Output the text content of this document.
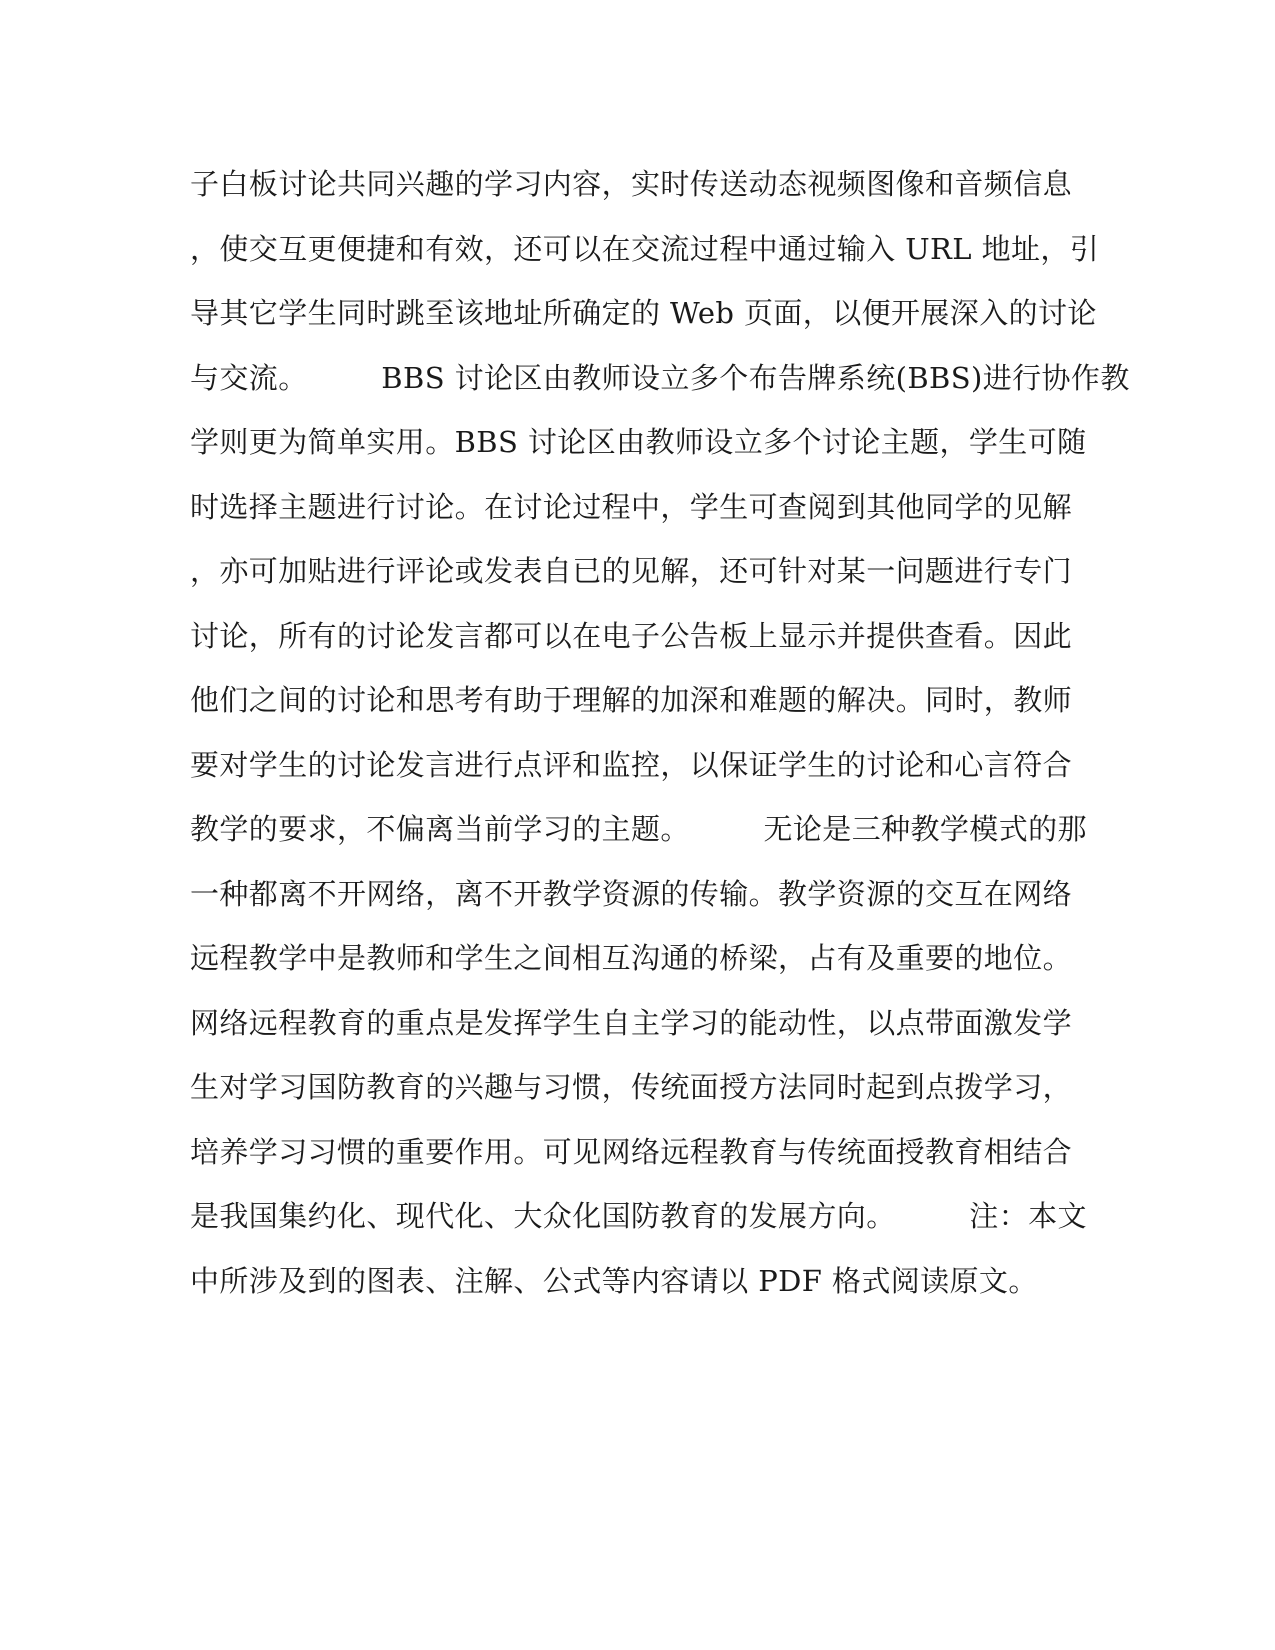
子白板讨论共同兴趣的学习内容，实时传送动态视频图像和音频信息
，使交互更便捷和有效，还可以在交流过程中通过输入 URL 地址，引
导其它学生同时跳至该地址所确定的 Web 页面，以便开展深入的讨论
与交流。　　　BBS 讨论区由教师设立多个布告牌系统(BBS)进行协作教
学则更为简单实用。BBS 讨论区由教师设立多个讨论主题，学生可随
时选择主题进行讨论。在讨论过程中，学生可查阅到其他同学的见解
，亦可加贴进行评论或发表自已的见解，还可针对某一问题进行专门
讨论，所有的讨论发言都可以在电子公告板上显示并提供查看。因此
他们之间的讨论和思考有助于理解的加深和难题的解决。同时，教师
要对学生的讨论发言进行点评和监控，以保证学生的讨论和心言符合
教学的要求，不偏离当前学习的主题。　　　无论是三种教学模式的那
一种都离不开网络，离不开教学资源的传输。教学资源的交互在网络
远程教学中是教师和学生之间相互沟通的桥梁，占有及重要的地位。
网络远程教育的重点是发挥学生自主学习的能动性，以点带面激发学
生对学习国防教育的兴趣与习惯，传统面授方法同时起到点拨学习，
培养学习习惯的重要作用。可见网络远程教育与传统面授教育相结合
是我国集约化、现代化、大众化国防教育的发展方向。　　　注：本文
中所涉及到的图表、注解、公式等内容请以 PDF 格式阅读原文。
